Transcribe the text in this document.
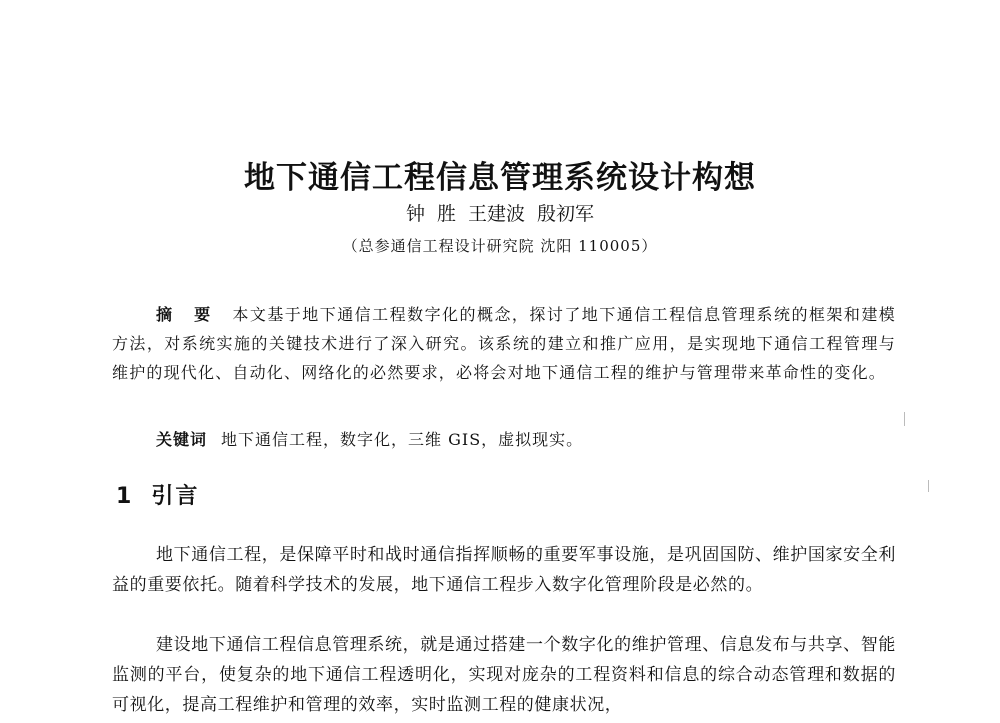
地下通信工程信息管理系统设计构想
钟 胜 王建波 殷初军
（总参通信工程设计研究院 沈阳 110005）

摘 要 本文基于地下通信工程数字化的概念，探讨了地下通信工程信息管理系统的框架和建模方法，对系统实施的关键技术进行了深入研究。该系统的建立和推广应用，是实现地下通信工程管理与维护的现代化、自动化、网络化的必然要求，必将会对地下通信工程的维护与管理带来革命性的变化。

关键词 地下通信工程，数字化，三维 GIS，虚拟现实。

1 引言

地下通信工程，是保障平时和战时通信指挥顺畅的重要军事设施，是巩固国防、维护国家安全利益的重要依托。随着科学技术的发展，地下通信工程步入数字化管理阶段是必然的。

建设地下通信工程信息管理系统，就是通过搭建一个数字化的维护管理、信息发布与共享、智能监测的平台，使复杂的地下通信工程透明化，实现对庞杂的工程资料和信息的综合动态管理和数据的可视化，提高工程维护和管理的效率，实时监测工程的健康状况，
